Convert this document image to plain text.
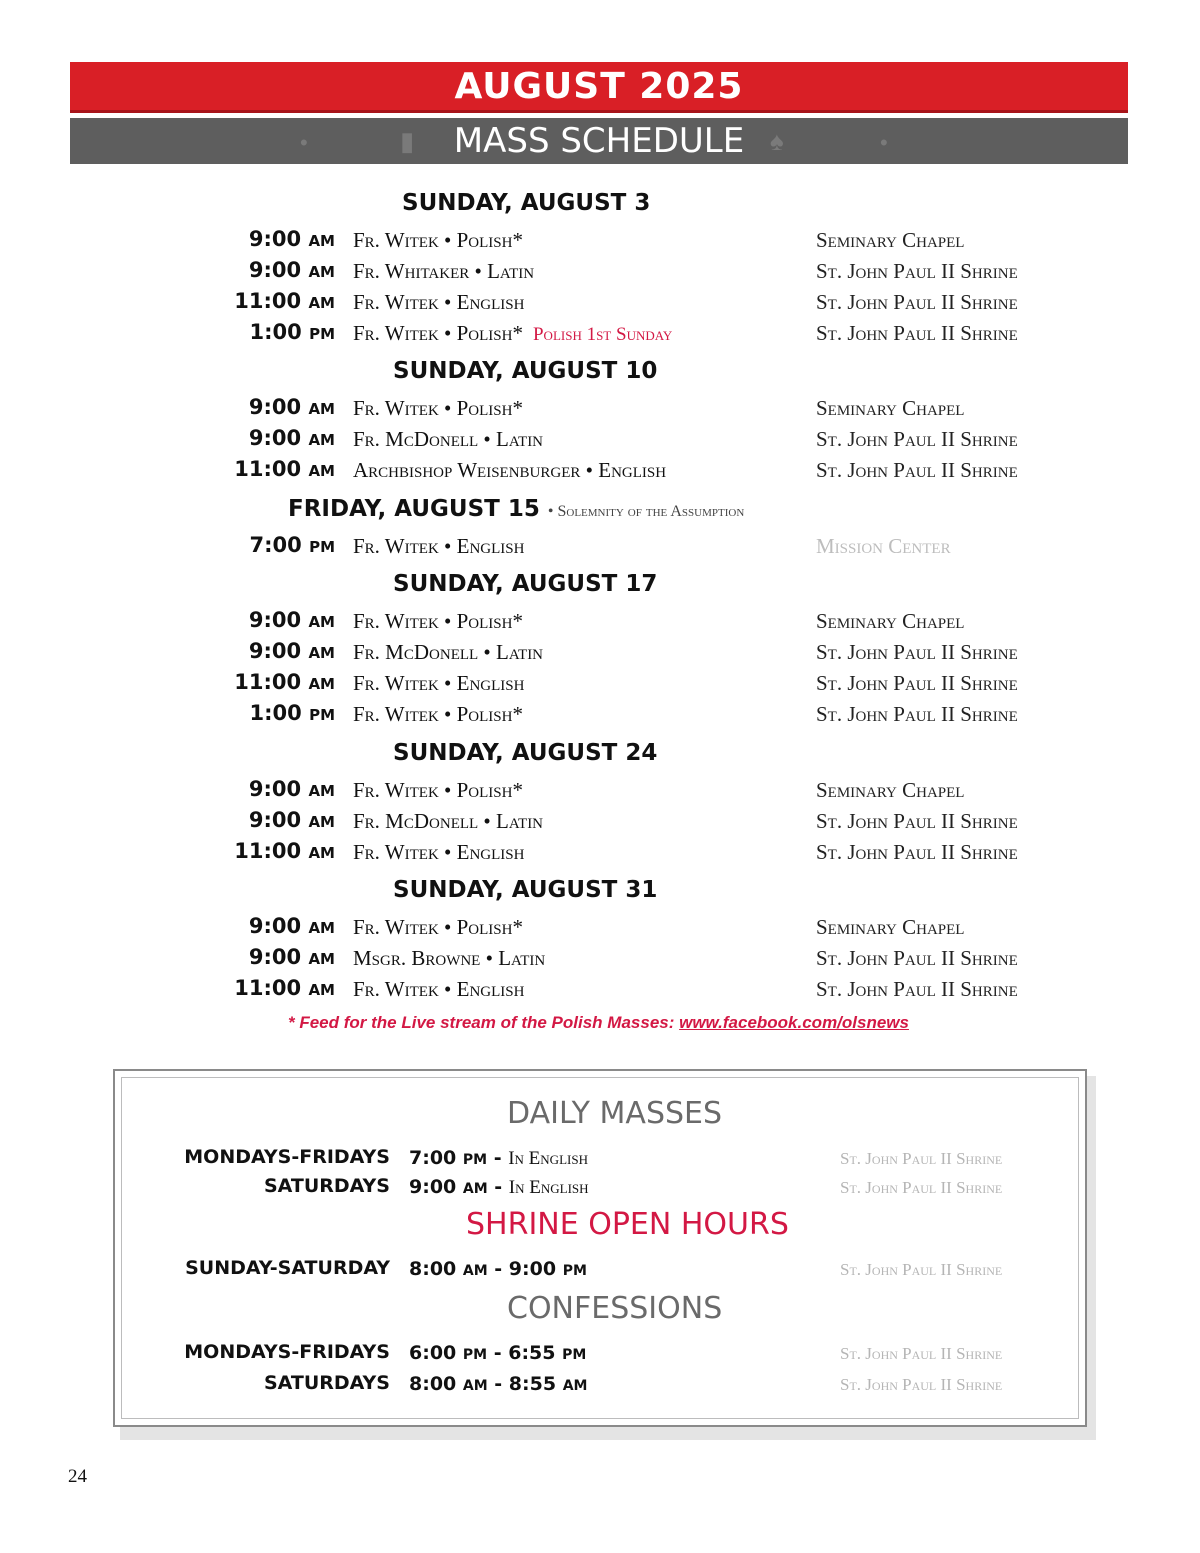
AUGUST 2025
•	▮ MASS SCHEDULE ♠	•
SUNDAY, AUGUST 3
9:00 AM Fr. Witek • Polish*	Seminary Chapel
9:00 AM Fr. Whitaker • Latin	St. John Paul II Shrine
11:00 AM Fr. Witek • English	St. John Paul II Shrine
1:00 PM Fr. Witek • Polish* Polish 1st Sunday	St. John Paul II Shrine
SUNDAY, AUGUST 10
9:00 AM Fr. Witek • Polish*	Seminary Chapel
9:00 AM Fr. McDonell • Latin	St. John Paul II Shrine
11:00 AM Archbishop Weisenburger • English	St. John Paul II Shrine
FRIDAY, AUGUST 15 • Solemnity of the Assumption
7:00 PM Fr. Witek • English	Mission Center
SUNDAY, AUGUST 17
9:00 AM Fr. Witek • Polish*	Seminary Chapel
9:00 AM Fr. McDonell • Latin	St. John Paul II Shrine
11:00 AM Fr. Witek • English	St. John Paul II Shrine
1:00 PM Fr. Witek • Polish*	St. John Paul II Shrine
SUNDAY, AUGUST 24
9:00 AM Fr. Witek • Polish*	Seminary Chapel
9:00 AM Fr. McDonell • Latin	St. John Paul II Shrine
11:00 AM Fr. Witek • English	St. John Paul II Shrine
SUNDAY, AUGUST 31
9:00 AM Fr. Witek • Polish*	Seminary Chapel
9:00 AM Msgr. Browne • Latin	St. John Paul II Shrine
11:00 AM Fr. Witek • English	St. John Paul II Shrine
* Feed for the Live stream of the Polish Masses: www.facebook.com/olsnews
DAILY MASSES
MONDAYS-FRIDAYS 7:00 PM - In English	St. John Paul II Shrine
SATURDAYS 9:00 AM - In English	St. John Paul II Shrine
SHRINE OPEN HOURS
SUNDAY-SATURDAY 8:00 AM - 9:00 PM	St. John Paul II Shrine
CONFESSIONS
MONDAYS-FRIDAYS 6:00 PM - 6:55 PM	St. John Paul II Shrine
SATURDAYS 8:00 AM - 8:55 AM	St. John Paul II Shrine
24
